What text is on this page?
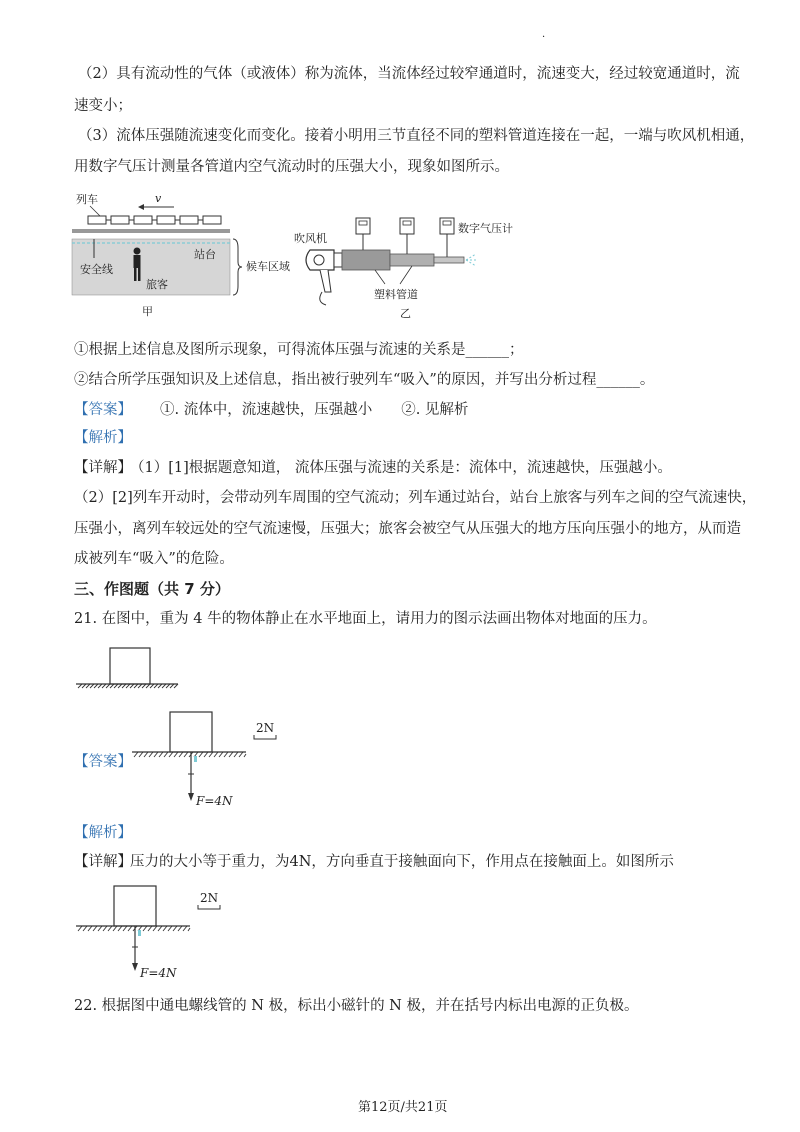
·
（2）具有流动性的气体（或液体）称为流体，当流体经过较窄通道时，流速变大，经过较宽通道时，流
速变小；
（3）流体压强随流速变化而变化。接着小明用三节直径不同的塑料管道连接在一起，一端与吹风机相通，
用数字气压计测量各管道内空气流动时的压强大小，现象如图所示。
列车	v
站台
安全线
旅客
候车区域
甲
吹风机
数字气压计
塑料管道
乙
①根据上述信息及图所示现象，可得流体压强与流速的关系是______；
②结合所学压强知识及上述信息，指出被行驶列车“吸入”的原因，并写出分析过程______。
【答案】 ①. 流体中，流速越快，压强越小　　②. 见解析
【解析】
【详解】
（1）[1]根据题意知道， 流体压强与流速的关系是：流体中，流速越快，压强越小。
（2）[2]列车开动时，会带动列车周围的空气流动；列车通过站台，站台上旅客与列车之间的空气流速快，
压强小，离列车较远处的空气流速慢，压强大；旅客会被空气从压强大的地方压向压强小的地方，从而造
成被列车“吸入”的危险。
三、作图题（共 7 分）
21. 在图中，重为 4 牛的物体静止在水平地面上，请用力的图示法画出物体对地面的压力。
【答案】
2N
F=4N
【解析】
【详解】
压力的大小等于重力，为4N，方向垂直于接触面向下，作用点在接触面上。如图所示
2N
F=4N
22. 根据图中通电螺线管的 N 极，标出小磁针的 N 极，并在括号内标出电源的正负极。
第12页/共21页
